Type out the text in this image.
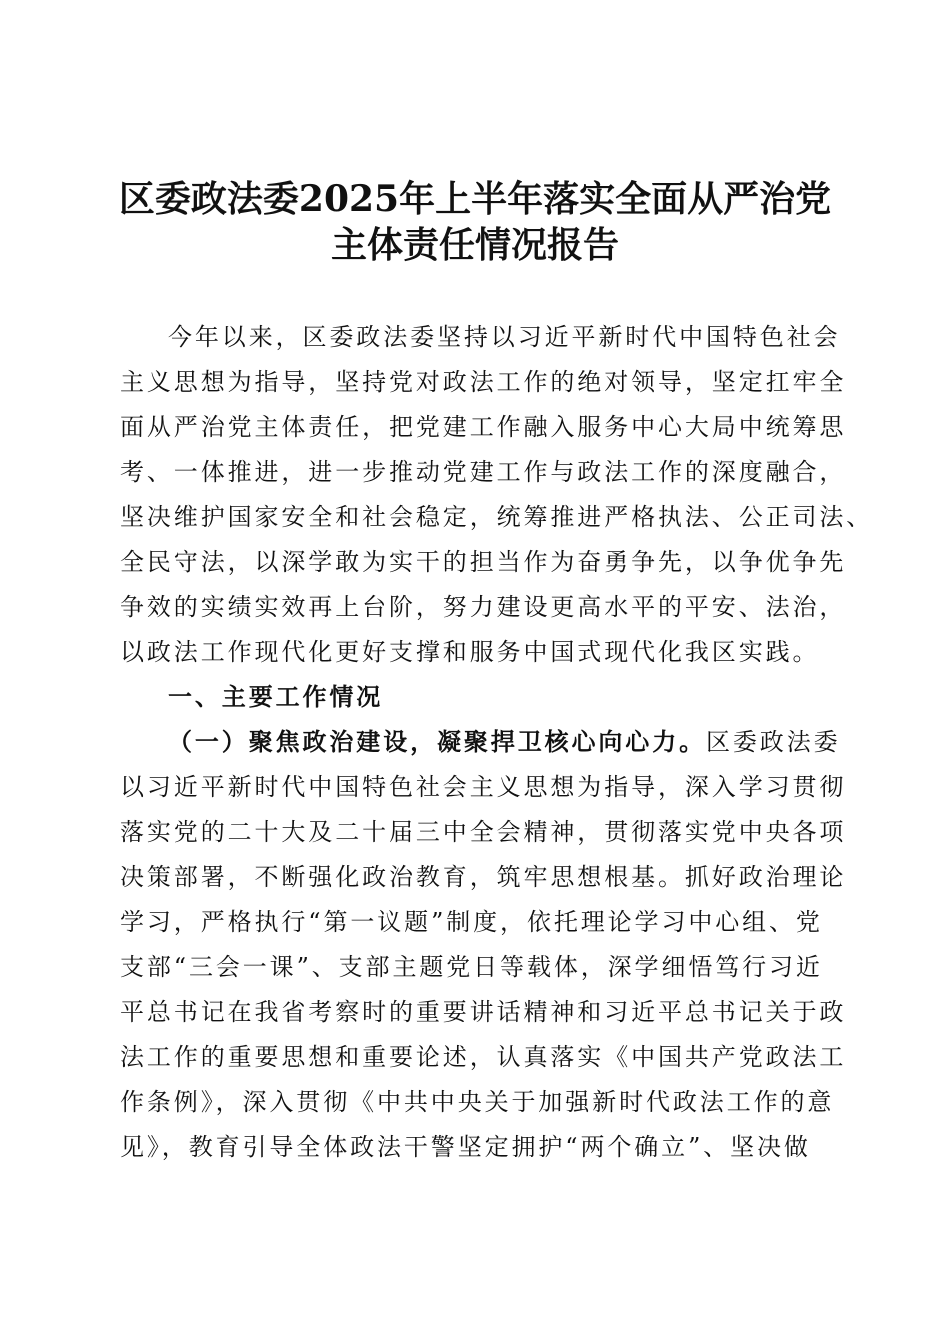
区委政法委2025年上半年落实全面从严治党
主体责任情况报告
今年以来，区委政法委坚持以习近平新时代中国特色社会
主义思想为指导，坚持党对政法工作的绝对领导，坚定扛牢全
面从严治党主体责任，把党建工作融入服务中心大局中统筹思
考、一体推进，进一步推动党建工作与政法工作的深度融合，
坚决维护国家安全和社会稳定，统筹推进严格执法、公正司法、
全民守法，以深学敢为实干的担当作为奋勇争先，以争优争先
争效的实绩实效再上台阶，努力建设更高水平的平安、法治，
以政法工作现代化更好支撑和服务中国式现代化我区实践。
一、主要工作情况
（一）聚焦政治建设，凝聚捍卫核心向心力。区委政法委
以习近平新时代中国特色社会主义思想为指导，深入学习贯彻
落实党的二十大及二十届三中全会精神，贯彻落实党中央各项
决策部署，不断强化政治教育，筑牢思想根基。抓好政治理论
学习，严格执行“第一议题”制度，依托理论学习中心组、党
支部“三会一课”、支部主题党日等载体，深学细悟笃行习近
平总书记在我省考察时的重要讲话精神和习近平总书记关于政
法工作的重要思想和重要论述，认真落实《中国共产党政法工
作条例》，深入贯彻《中共中央关于加强新时代政法工作的意
见》，教育引导全体政法干警坚定拥护“两个确立”、坚决做
